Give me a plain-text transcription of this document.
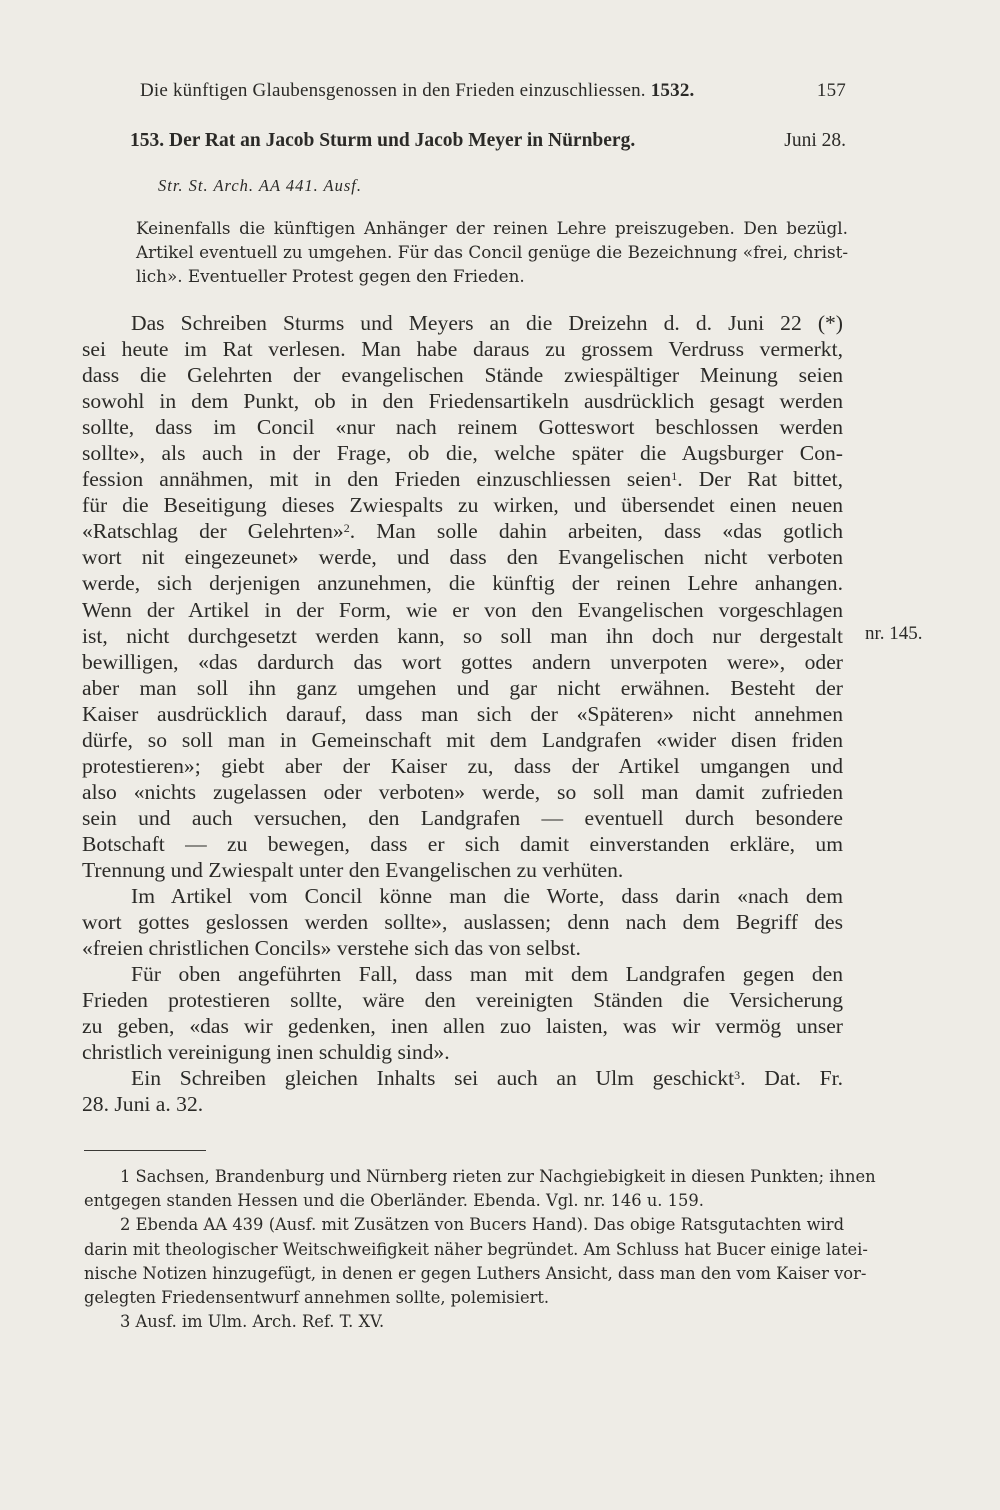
Die künftigen Glaubensgenossen in den Frieden einzuschliessen. 1532.	157
153. Der Rat an Jacob Sturm und Jacob Meyer in Nürnberg.	Juni 28.
Str. St. Arch. AA 441. Ausf.

Keinenfalls die künftigen Anhänger der reinen Lehre preiszugeben. Den bezügl.
Artikel eventuell zu umgehen. Für das Concil genüge die Bezeichnung «frei, christ-
lich». Eventueller Protest gegen den Frieden.

Das Schreiben Sturms und Meyers an die Dreizehn d. d. Juni 22 (*)
sei heute im Rat verlesen. Man habe daraus zu grossem Verdruss vermerkt,
dass die Gelehrten der evangelischen Stände zwiespältiger Meinung seien
sowohl in dem Punkt, ob in den Friedensartikeln ausdrücklich gesagt werden
sollte, dass im Concil «nur nach reinem Gotteswort beschlossen werden
sollte», als auch in der Frage, ob die, welche später die Augsburger Con-
fession annähmen, mit in den Frieden einzuschliessen seien$^1$. Der Rat bittet,
für die Beseitigung dieses Zwiespalts zu wirken, und übersendet einen neuen
«Ratschlag der Gelehrten»$^2$. Man solle dahin arbeiten, dass «das gotlich
wort nit eingezeunet» werde, und dass den Evangelischen nicht verboten
werde, sich derjenigen anzunehmen, die künftig der reinen Lehre anhangen.
Wenn der Artikel in der Form, wie er von den Evangelischen vorgeschlagen
ist, nicht durchgesetzt werden kann, so soll man ihn doch nur dergestalt
bewilligen, «das dardurch das wort gottes andern unverpoten were», oder
aber man soll ihn ganz umgehen und gar nicht erwähnen. Besteht der
Kaiser ausdrücklich darauf, dass man sich der «Späteren» nicht annehmen
dürfe, so soll man in Gemeinschaft mit dem Landgrafen «wider disen friden
protestieren»; giebt aber der Kaiser zu, dass der Artikel umgangen und
also «nichts zugelassen oder verboten» werde, so soll man damit zufrieden
sein und auch versuchen, den Landgrafen — eventuell durch besondere
Botschaft — zu bewegen, dass er sich damit einverstanden erkläre, um
Trennung und Zwiespalt unter den Evangelischen zu verhüten.
Im Artikel vom Concil könne man die Worte, dass darin «nach dem
wort gottes geslossen werden sollte», auslassen; denn nach dem Begriff des
«freien christlichen Concils» verstehe sich das von selbst.
Für oben angeführten Fall, dass man mit dem Landgrafen gegen den
Frieden protestieren sollte, wäre den vereinigten Ständen die Versicherung
zu geben, «das wir gedenken, inen allen zuo laisten, was wir vermög unser
christlich vereinigung inen schuldig sind».
Ein Schreiben gleichen Inhalts sei auch an Ulm geschickt$^3$. Dat. Fr.
28. Juni a. 32.
nr. 145.
1 Sachsen, Brandenburg und Nürnberg rieten zur Nachgiebigkeit in diesen Punkten; ihnen
entgegen standen Hessen und die Oberländer. Ebenda. Vgl. nr. 146 u. 159.
2 Ebenda AA 439 (Ausf. mit Zusätzen von Bucers Hand). Das obige Ratsgutachten wird
darin mit theologischer Weitschweifigkeit näher begründet. Am Schluss hat Bucer einige latei-
nische Notizen hinzugefügt, in denen er gegen Luthers Ansicht, dass man den vom Kaiser vor-
gelegten Friedensentwurf annehmen sollte, polemisiert.
3 Ausf. im Ulm. Arch. Ref. T. XV.
